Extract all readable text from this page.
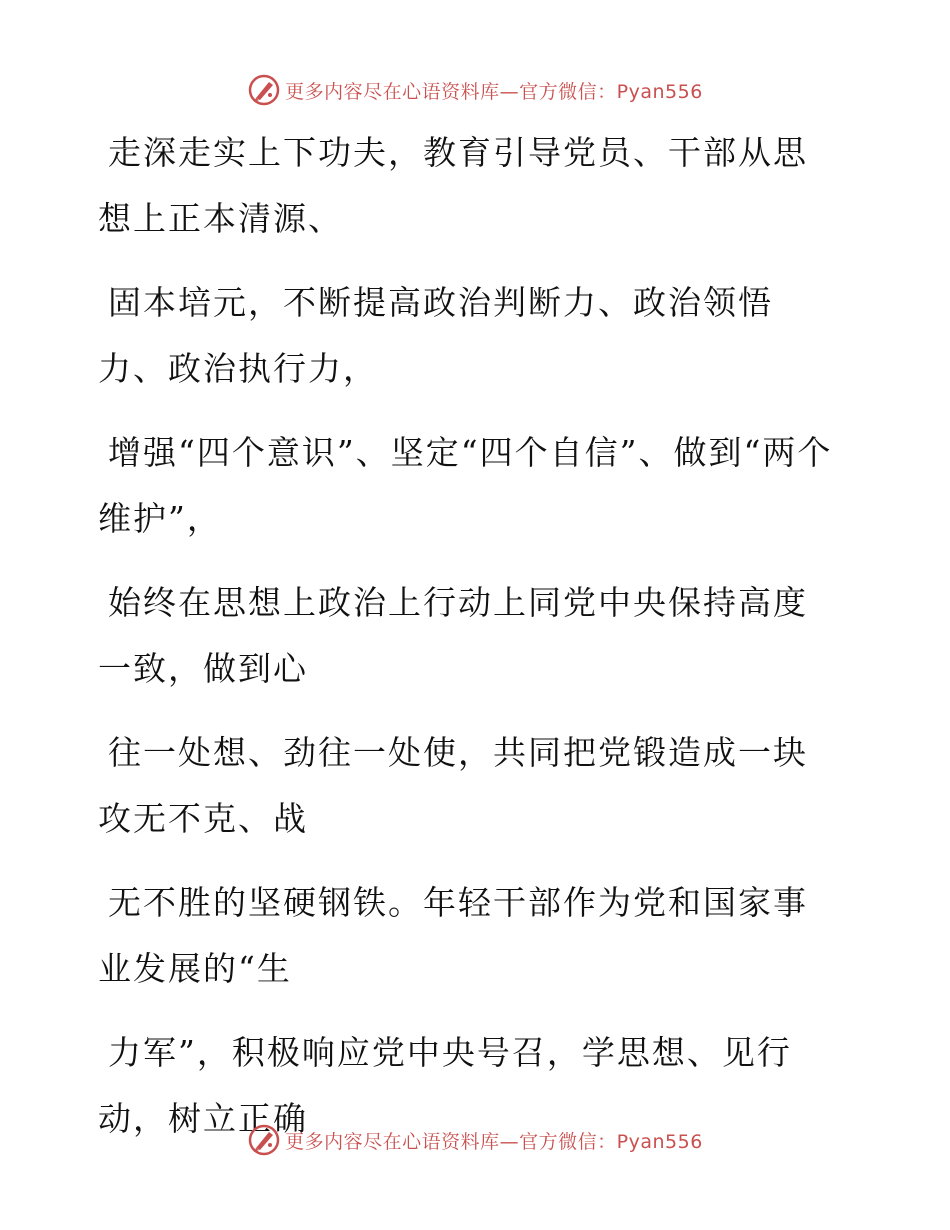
更多内容尽在心语资料库—官方微信：Pyan556

走深走实上下功夫，教育引导党员、干部从思想上正本清源、

固本培元，不断提高政治判断力、政治领悟力、政治执行力，

增强“四个意识”、坚定“四个自信”、做到“两个维护”，

始终在思想上政治上行动上同党中央保持高度一致，做到心

往一处想、劲往一处使，共同把党锻造成一块攻无不克、战

无不胜的坚硬钢铁。年轻干部作为党和国家事业发展的“生

力军”，积极响应党中央号召，学思想、见行动，树立正确

更多内容尽在心语资料库—官方微信：Pyan556
